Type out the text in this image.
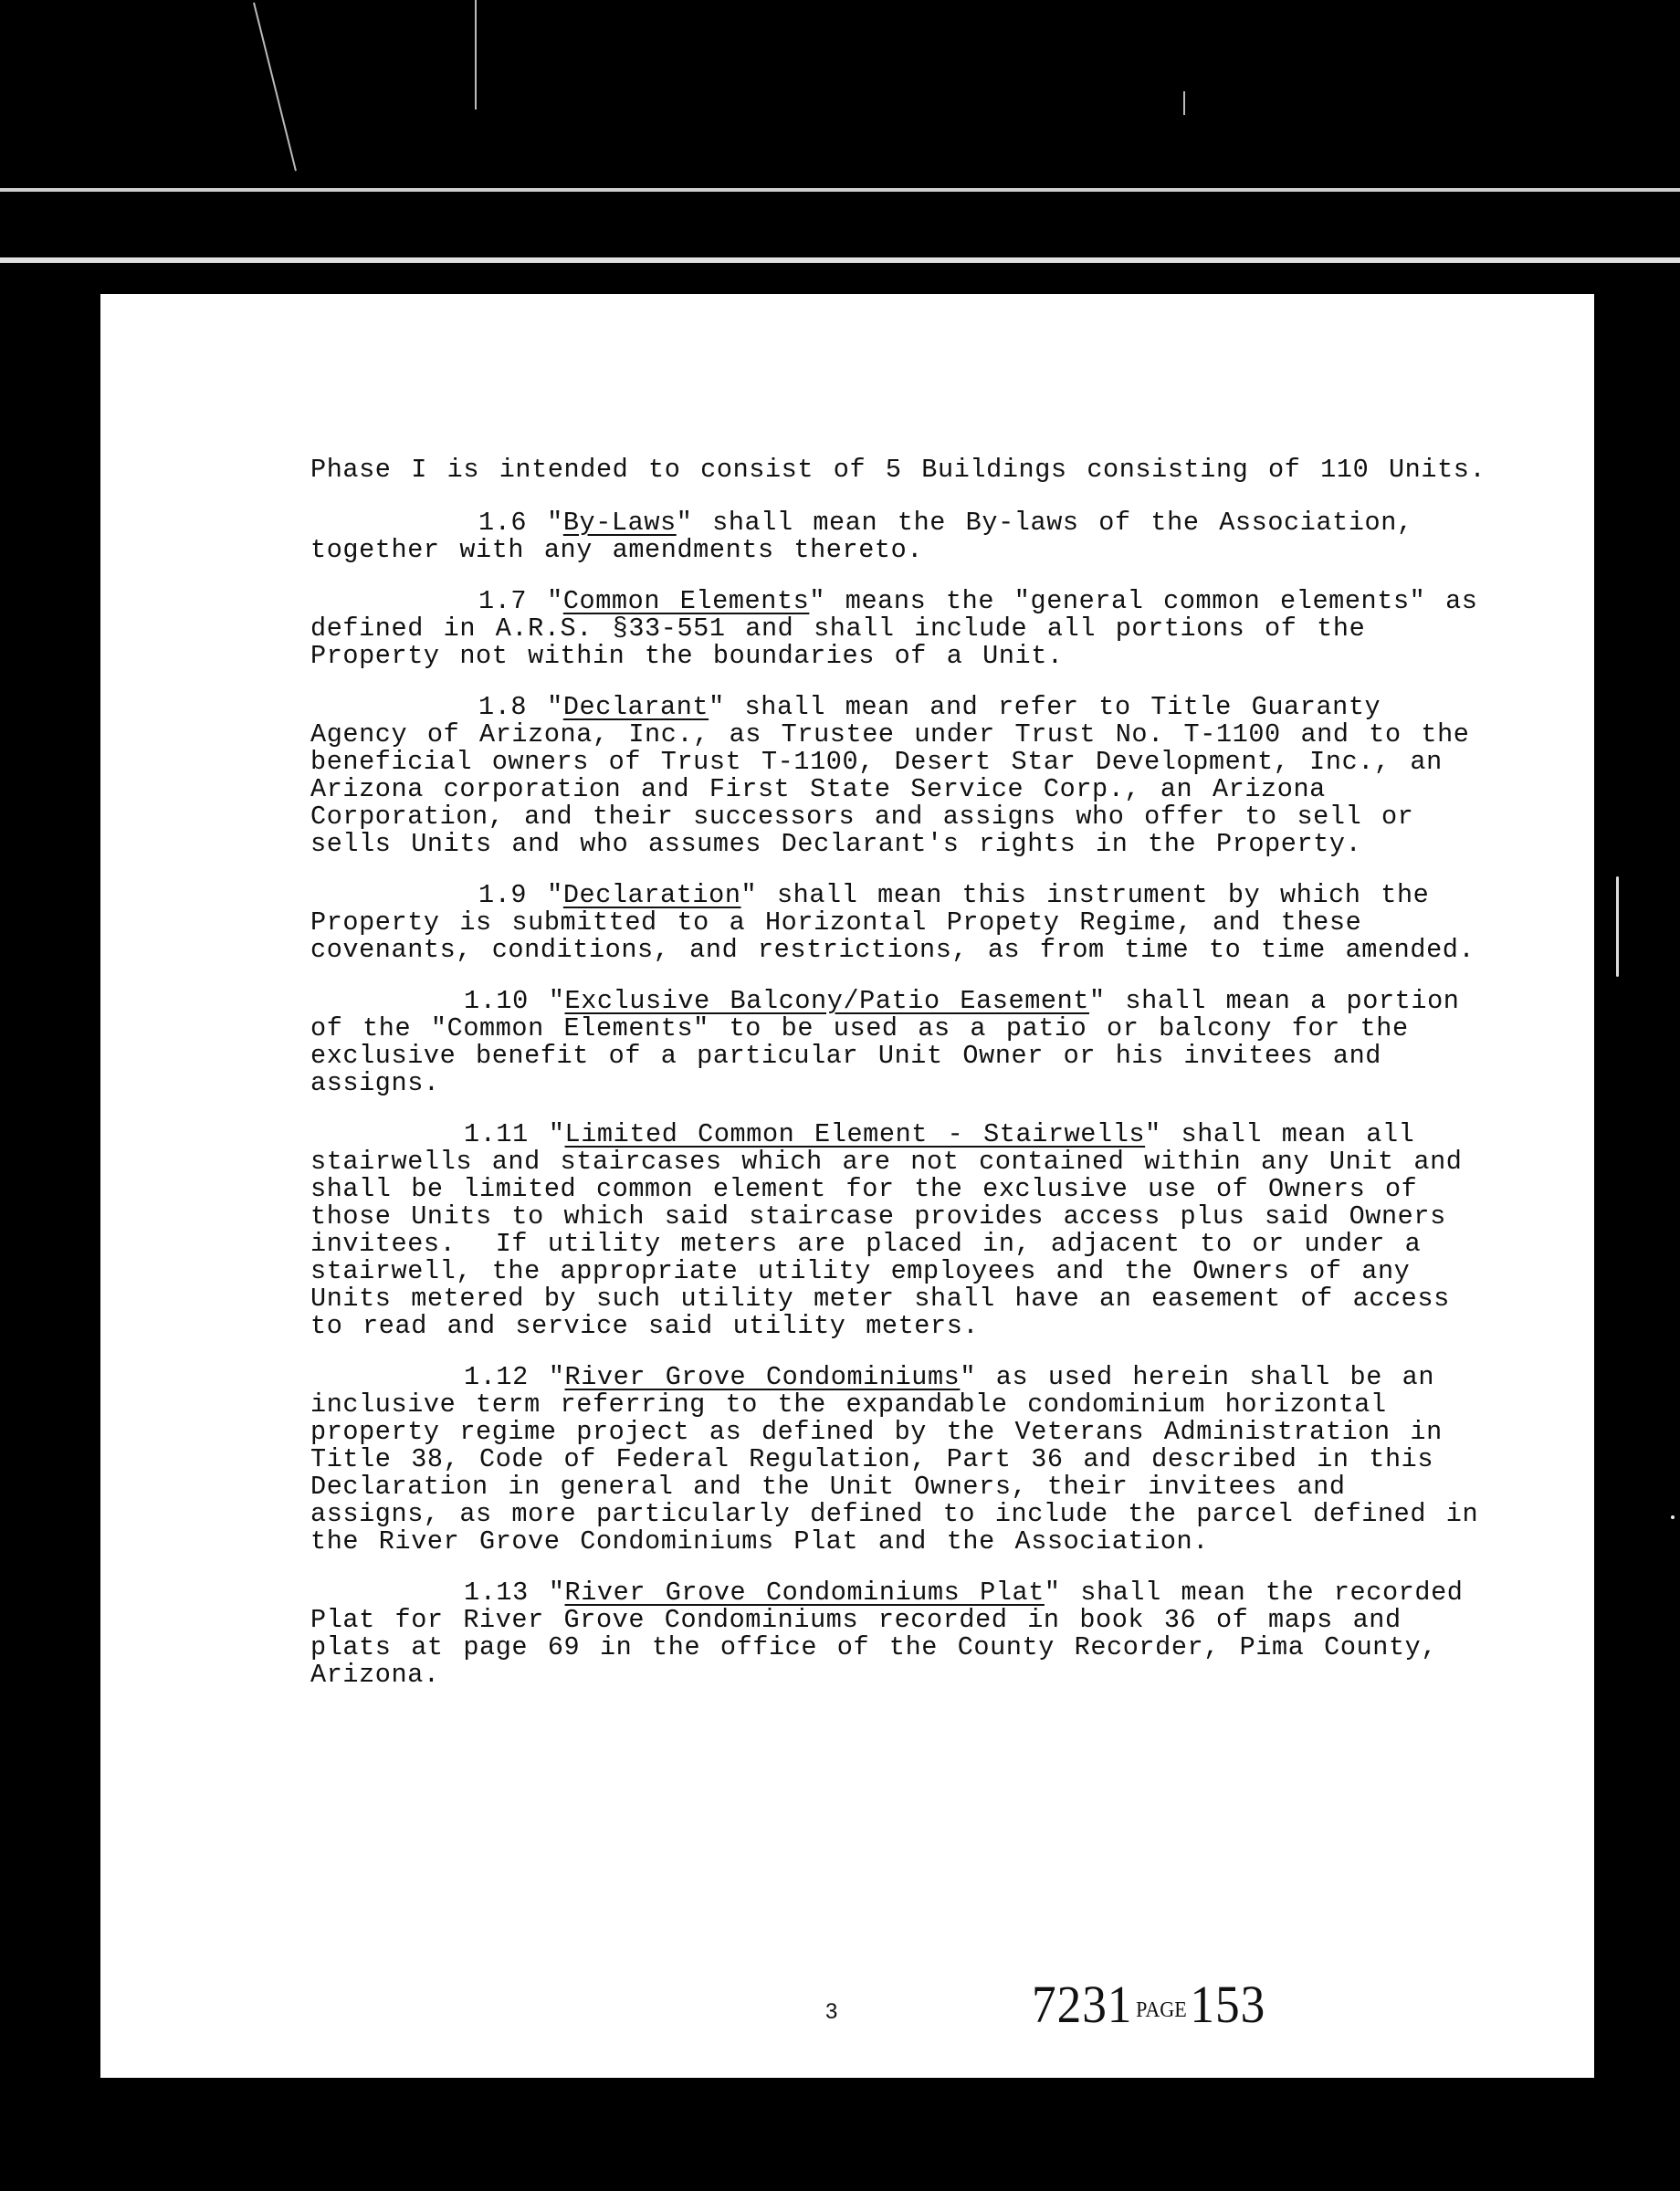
Phase I is intended to consist of 5 Buildings consisting of 110 Units.

1.6 "By-Laws" shall mean the By-laws of the Association, together with any amendments thereto.

1.7 "Common Elements" means the "general common elements" as defined in A.R.S. §33-551 and shall include all portions of the Property not within the boundaries of a Unit.

1.8 "Declarant" shall mean and refer to Title Guaranty Agency of Arizona, Inc., as Trustee under Trust No. T-1100 and to the beneficial owners of Trust T-1100, Desert Star Development, Inc., an Arizona corporation and First State Service Corp., an Arizona Corporation, and their successors and assigns who offer to sell or sells Units and who assumes Declarant's rights in the Property.

1.9 "Declaration" shall mean this instrument by which the Property is submitted to a Horizontal Propety Regime, and these covenants, conditions, and restrictions, as from time to time amended.

1.10 "Exclusive Balcony/Patio Easement" shall mean a portion of the "Common Elements" to be used as a patio or balcony for the exclusive benefit of a particular Unit Owner or his invitees and assigns.

1.11 "Limited Common Element - Stairwells" shall mean all stairwells and staircases which are not contained within any Unit and shall be limited common element for the exclusive use of Owners of those Units to which said staircase provides access plus said Owners invitees.  If utility meters are placed in, adjacent to or under a stairwell, the appropriate utility employees and the Owners of any Units metered by such utility meter shall have an easement of access to read and service said utility meters.

1.12 "River Grove Condominiums" as used herein shall be an inclusive term referring to the expandable condominium horizontal property regime project as defined by the Veterans Administration in Title 38, Code of Federal Regulation, Part 36 and described in this Declaration in general and the Unit Owners, their invitees and assigns, as more particularly defined to include the parcel defined in the River Grove Condominiums Plat and the Association.

1.13 "River Grove Condominiums Plat" shall mean the recorded Plat for River Grove Condominiums recorded in book 36 of maps and plats at page 69 in the office of the County Recorder, Pima County, Arizona.

3	7231 PAGE153
